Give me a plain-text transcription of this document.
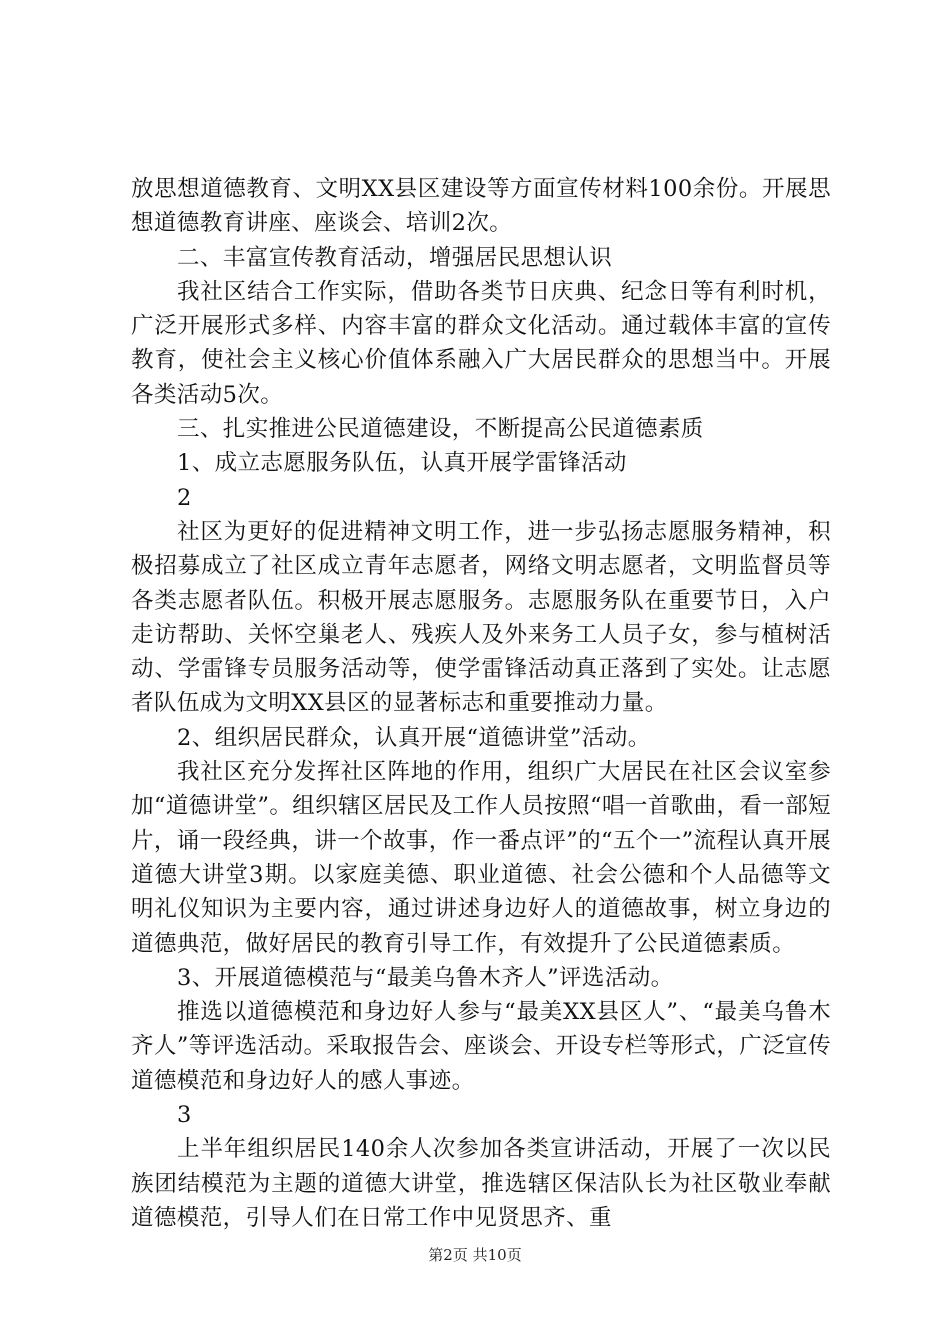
放思想道德教育、文明XX县区建设等方面宣传材料100余份。开展思想道德教育讲座、座谈会、培训2次。

二、丰富宣传教育活动，增强居民思想认识

我社区结合工作实际，借助各类节日庆典、纪念日等有利时机，广泛开展形式多样、内容丰富的群众文化活动。通过载体丰富的宣传教育，使社会主义核心价值体系融入广大居民群众的思想当中。开展各类活动5次。

三、扎实推进公民道德建设，不断提高公民道德素质

1、成立志愿服务队伍，认真开展学雷锋活动

2

社区为更好的促进精神文明工作，进一步弘扬志愿服务精神，积极招募成立了社区成立青年志愿者，网络文明志愿者，文明监督员等各类志愿者队伍。积极开展志愿服务。志愿服务队在重要节日，入户走访帮助、关怀空巢老人、残疾人及外来务工人员子女，参与植树活动、学雷锋专员服务活动等，使学雷锋活动真正落到了实处。让志愿者队伍成为文明XX县区的显著标志和重要推动力量。

2、组织居民群众，认真开展“道德讲堂”活动。

我社区充分发挥社区阵地的作用，组织广大居民在社区会议室参加“道德讲堂”。组织辖区居民及工作人员按照“唱一首歌曲，看一部短片，诵一段经典，讲一个故事，作一番点评”的“五个一”流程认真开展道德大讲堂3期。以家庭美德、职业道德、社会公德和个人品德等文明礼仪知识为主要内容，通过讲述身边好人的道德故事，树立身边的道德典范，做好居民的教育引导工作，有效提升了公民道德素质。

3、开展道德模范与“最美乌鲁木齐人”评选活动。

推选以道德模范和身边好人参与“最美XX县区人”、“最美乌鲁木齐人”等评选活动。采取报告会、座谈会、开设专栏等形式，广泛宣传道德模范和身边好人的感人事迹。

3

上半年组织居民140余人次参加各类宣讲活动，开展了一次以民族团结模范为主题的道德大讲堂，推选辖区保洁队长为社区敬业奉献道德模范，引导人们在日常工作中见贤思齐、重

第2页 共10页
